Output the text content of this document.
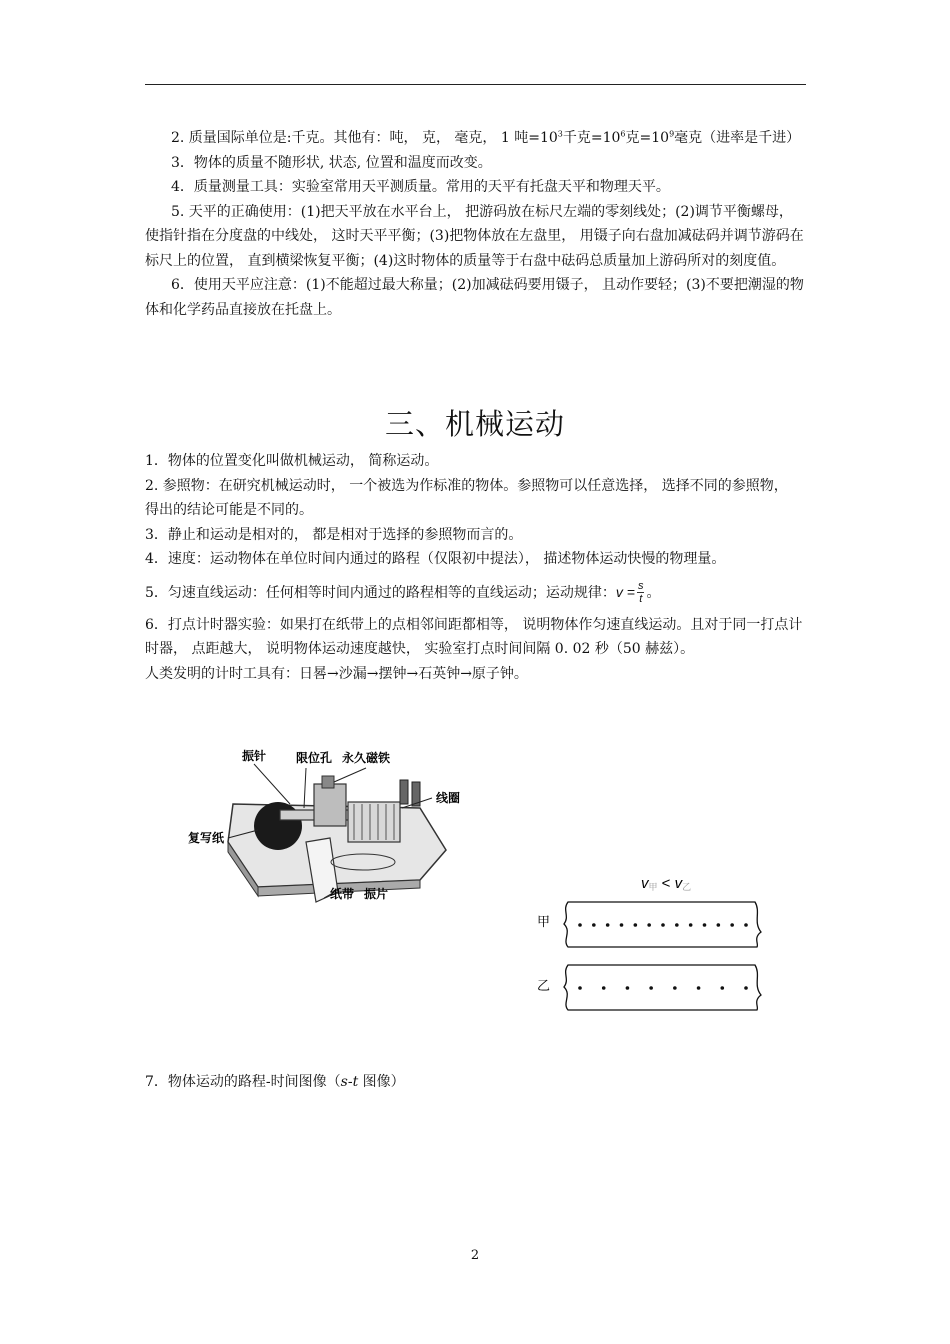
2. 质量国际单位是:千克。其他有：吨， 克， 毫克， 1 吨$=10^3$千克$=10^6$克$=10^9$毫克（进率是千进）

3．物体的质量不随形状, 状态, 位置和温度而改变。

4．质量测量工具：实验室常用天平测质量。常用的天平有托盘天平和物理天平。

5. 天平的正确使用：(1)把天平放在水平台上， 把游码放在标尺左端的零刻线处；(2)调节平衡螺母， 使指针指在分度盘的中线处， 这时天平平衡；(3)把物体放在左盘里， 用镊子向右盘加减砝码并调节游码在标尺上的位置， 直到横梁恢复平衡；(4)这时物体的质量等于右盘中砝码总质量加上游码所对的刻度值。

6．使用天平应注意：(1)不能超过最大称量；(2)加减砝码要用镊子， 且动作要轻；(3)不要把潮湿的物体和化学药品直接放在托盘上。

三、机械运动

1．物体的位置变化叫做机械运动， 简称运动。

2. 参照物：在研究机械运动时， 一个被选为作标准的物体。参照物可以任意选择， 选择不同的参照物， 得出的结论可能是不同的。

3．静止和运动是相对的， 都是相对于选择的参照物而言的。

4．速度：运动物体在单位时间内通过的路程（仅限初中提法）， 描述物体运动快慢的物理量。

5．匀速直线运动：任何相等时间内通过的路程相等的直线运动；运动规律：$v = \frac{s}{t}$ 。

6．打点计时器实验：如果打在纸带上的点相邻间距都相等， 说明物体作匀速直线运动。且对于同一打点计时器， 点距越大， 说明物体运动速度越快， 实验室打点时间间隔 0. 02 秒（50 赫兹）。

人类发明的计时工具有：日晷→沙漏→摆钟→石英钟→原子钟。

振针 限位孔 永久磁铁
线圈
复写纸
纸带 振片
v甲 < v乙
甲
乙

7．物体运动的路程-时间图像（s-t 图像）

2
